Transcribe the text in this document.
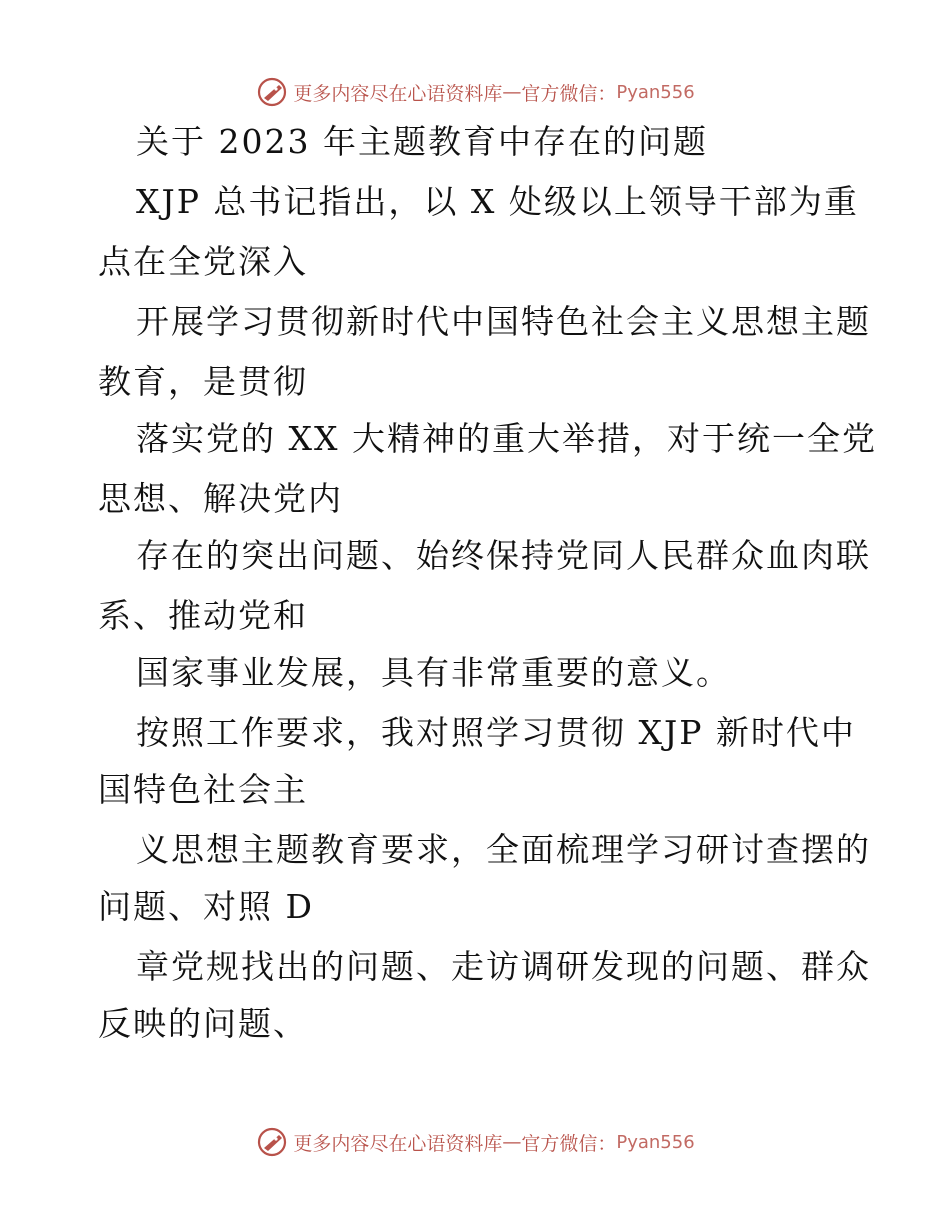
更多内容尽在心语资料库 — 官方微信： Pyan556
关于 2023 年主题教育中存在的问题
XJP 总书记指出，以 X 处级以上领导干部为重
点在全党深入
开展学习贯彻新时代中国特色社会主义思想主题
教育，是贯彻
落实党的 XX 大精神的重大举措，对于统一全党
思想、解决党内
存在的突出问题、始终保持党同人民群众血肉联
系、推动党和
国家事业发展，具有非常重要的意义。
按照工作要求，我对照学习贯彻 XJP 新时代中
国特色社会主
义思想主题教育要求，全面梳理学习研讨查摆的
问题、对照 D
章党规找出的问题、走访调研发现的问题、群众
反映的问题、
更多内容尽在心语资料库 — 官方微信： Pyan556
